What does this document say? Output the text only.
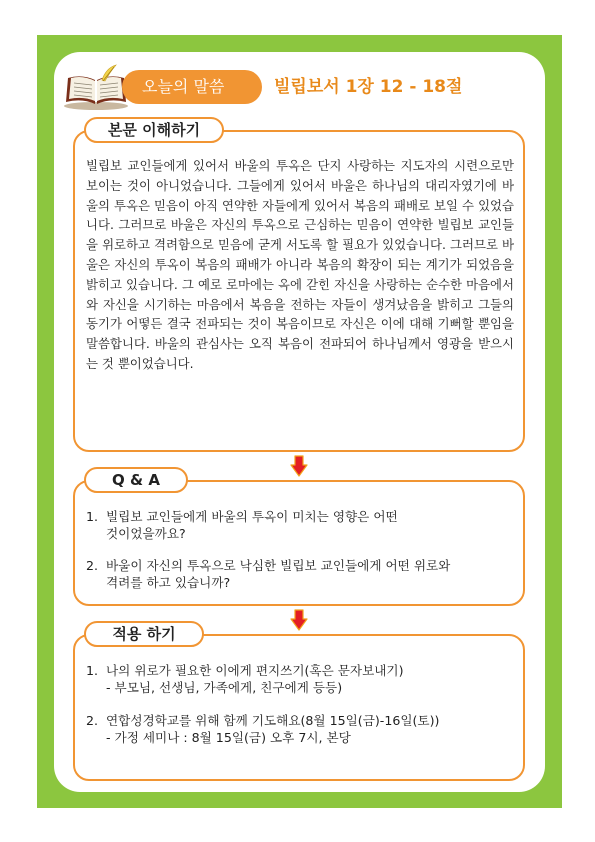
오늘의 말씀	빌립보서 1장 12 - 18절
본문 이해하기

빌립보 교인들에게 있어서 바울의 투옥은 단지 사랑하는 지도자의 시련으로만 보이는 것이 아니었습니다. 그들에게 있어서 바울은 하나님의 대리자였기에 바울의 투옥은 믿음이 아직 연약한 자들에게 있어서 복음의 패배로 보일 수 있었습니다. 그러므로 바울은 자신의 투옥으로 근심하는 믿음이 연약한 빌립보 교인들을 위로하고 격려함으로 믿음에 굳게 서도록 할 필요가 있었습니다. 그러므로 바울은 자신의 투옥이 복음의 패배가 아니라 복음의 확장이 되는 계기가 되었음을 밝히고 있습니다. 그 예로 로마에는 옥에 갇힌 자신을 사랑하는 순수한 마음에서와 자신을 시기하는 마음에서 복음을 전하는 자들이 생겨났음을 밝히고 그들의 동기가 어떻든 결국 전파되는 것이 복음이므로 자신은 이에 대해 기뻐할 뿐임을 말씀합니다. 바울의 관심사는 오직 복음이 전파되어 하나님께서 영광을 받으시는 것 뿐이었습니다.

Q & A
1. 빌립보 교인들에게 바울의 투옥이 미치는 영향은 어떤
것이었을까요?
2. 바울이 자신의 투옥으로 낙심한 빌립보 교인들에게 어떤 위로와
격려를 하고 있습니까?
적용 하기
1. 나의 위로가 필요한 이에게 편지쓰기(혹은 문자보내기)
- 부모님, 선생님, 가족에게, 친구에게 등등)
2. 연합성경학교를 위해 함께 기도해요(8월 15일(금)-16일(토))
- 가정 세미나 : 8월 15일(금) 오후 7시, 본당
